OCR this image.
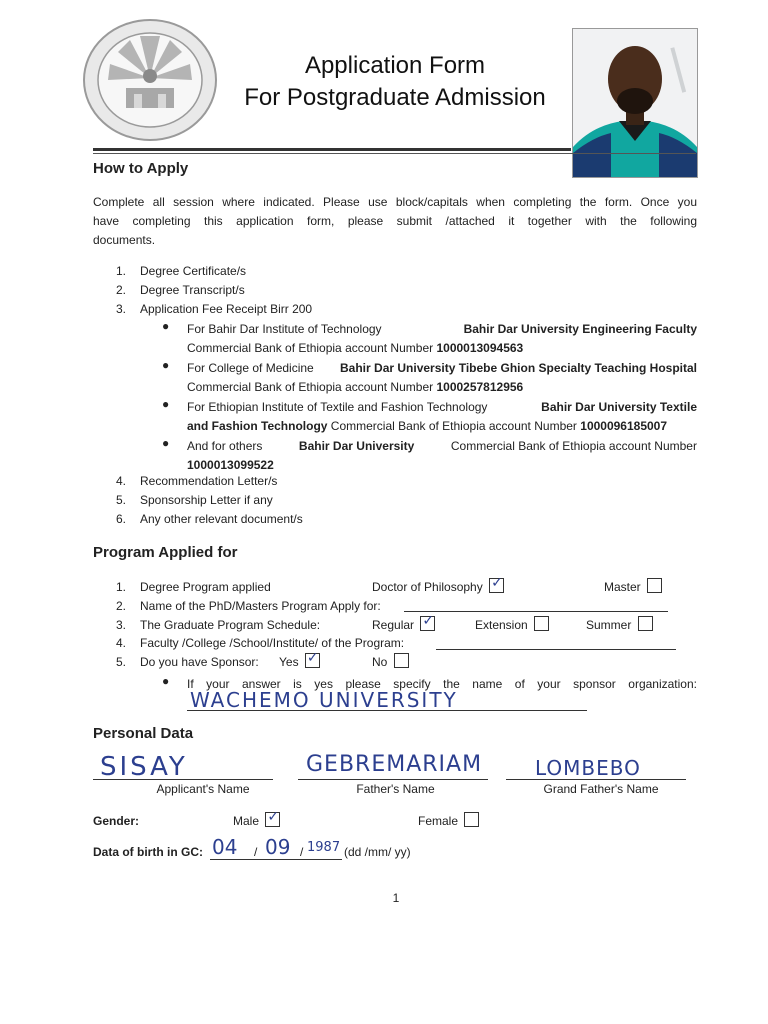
Application Form
For Postgraduate Admission
How to Apply
Complete all session where indicated. Please use block/capitals when completing the form. Once you
have completing this application form, please submit /attached it together with the following
documents.
1. Degree Certificate/s
2. Degree Transcript/s
3. Application Fee Receipt Birr 200
● For Bahir Dar Institute of Technology	Bahir Dar University Engineering Faculty
Commercial Bank of Ethiopia account Number 1000013094563
● For College of Medicine Bahir Dar University Tibebe Ghion Specialty Teaching Hospital
Commercial Bank of Ethiopia account Number 1000257812956
● For Ethiopian Institute of Textile and Fashion Technology	Bahir Dar University Textile
and Fashion Technology Commercial Bank of Ethiopia account Number 1000096185007
● And for others	Bahir Dar University	Commercial Bank of Ethiopia account Number
1000013099522
4. Recommendation Letter/s
5. Sponsorship Letter if any
6. Any other relevant document/s
Program Applied for
1. Degree Program applied	Doctor of Philosophy ✓	Master
2. Name of the PhD/Masters Program Apply for:
3. The Graduate Program Schedule:	Regular ✓	Extension	Summer
4. Faculty /College /School/Institute/ of the Program:
5. Do you have Sponsor: Yes ✓	No
● If your answer is yes please specify the name of your sponsor organization:
WACHEMO UNIVERSITY
Personal Data
SISAY
Applicant's Name
GEBREMARIAM
Father's Name
LOMBEBO
Grand Father's Name
Gender:	Male ✓	Female
Data of birth in GC: 04 / 09 / 1987 (dd /mm/ yy)
1
